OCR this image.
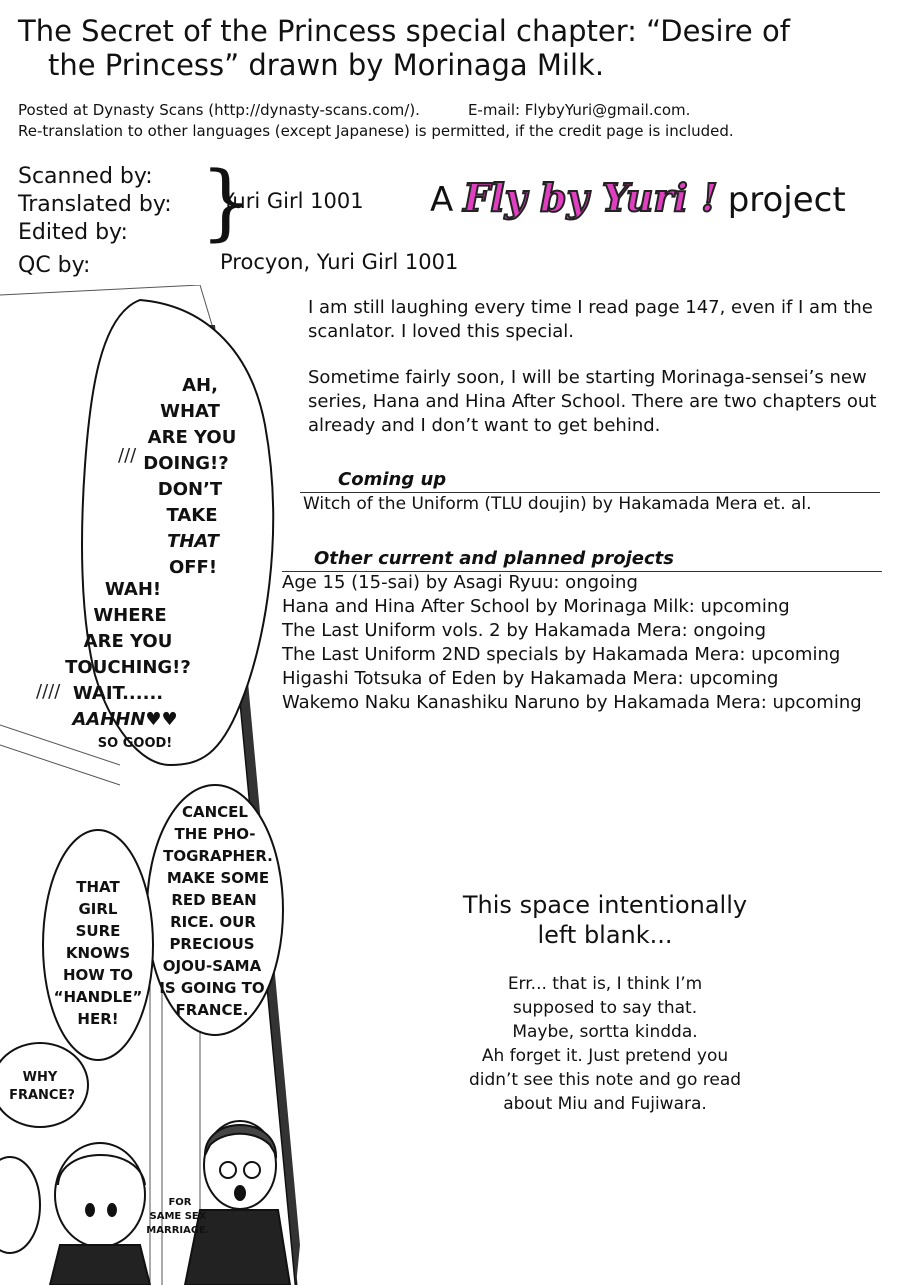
The Secret of the Princess special chapter: “Desire of
the Princess” drawn by Morinaga Milk.
Posted at Dynasty Scans (http://dynasty-scans.com/).	E-mail: FlybyYuri@gmail.com.
Re-translation to other languages (except Japanese) is permitted, if the credit page is included.
Scanned by:
Translated by:
Edited by:
QC by:
}
Yuri Girl 1001
Procyon, Yuri Girl 1001
A Fly by Yuri ! project

I am still laughing every time I read page 147, even if I am the scanlator. I loved this special.

Sometime fairly soon, I will be starting Morinaga-sensei’s new series, Hana and Hina After School. There are two chapters out already and I don’t want to get behind.

Coming up
Witch of the Uniform (TLU doujin) by Hakamada Mera et. al.
Other current and planned projects
Age 15 (15-sai) by Asagi Ryuu: ongoing
Hana and Hina After School by Morinaga Milk: upcoming
The Last Uniform vols. 2 by Hakamada Mera: ongoing
The Last Uniform 2ND specials by Hakamada Mera: upcoming
Higashi Totsuka of Eden by Hakamada Mera: upcoming
Wakemo Naku Kanashiku Naruno by Hakamada Mera: upcoming
This space intentionally
left blank...
Err... that is, I think I’m
supposed to say that.
Maybe, sortta kindda.
Ah forget it. Just pretend you
didn’t see this note and go read
about Miu and Fujiwara.
AH,
WHAT
ARE YOU
DOING!?
DON’T
TAKE
THAT
OFF!
WAH!
WHERE
ARE YOU
TOUCHING!?
WAIT......
AAHHN♥♥
SO GOOD!
///
////
CANCEL
THE PHO-
TOGRAPHER.
MAKE SOME
RED BEAN
RICE. OUR
PRECIOUS
OJOU-SAMA
IS GOING TO
FRANCE.
THAT
GIRL
SURE
KNOWS
HOW TO
“HANDLE”
HER!
WHY
FRANCE?
FOR
SAME SEX
MARRIAGE.
